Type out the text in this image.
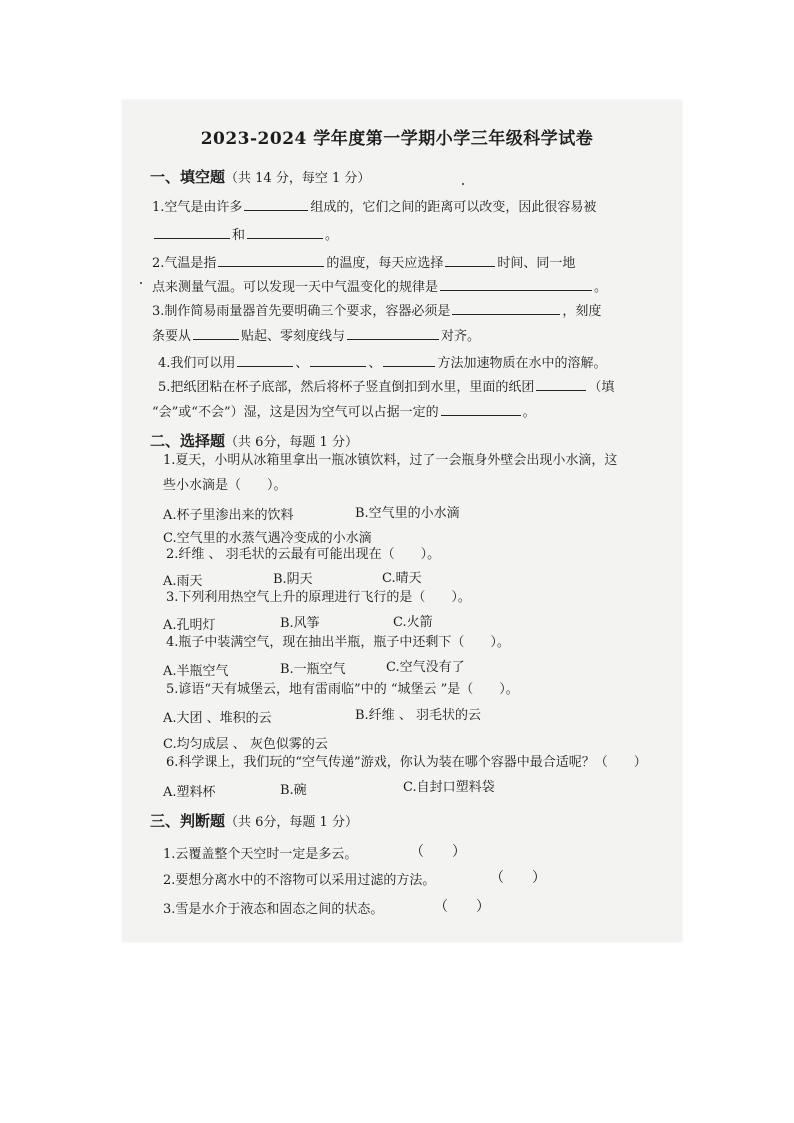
2023-2024 学年度第一学期小学三年级科学试卷
一、填空题（共 14 分，每空 1 分）
1.空气是由许多	组成的，它们之间的距离可以改变，因此很容易被
和	。
2.气温是指	的温度，每天应选择	时间、同一地
点来测量气温。可以发现一天中气温变化的规律是	。
3.制作简易雨量器首先要明确三个要求，容器必须是	，刻度
条要从	贴起、零刻度线与	对齐。
4.我们可以用	、	、	方法加速物质在水中的溶解。
5.把纸团粘在杯子底部，然后将杯子竖直倒扣到水里，里面的纸团	（填
“会”或“不会”）湿，这是因为空气可以占据一定的	。
二、选择题（共 6分，每题 1 分）
1.夏天，小明从冰箱里拿出一瓶冰镇饮料，过了一会瓶身外壁会出现小水滴，这
些小水滴是（　　）。
A.杯子里渗出来的饮料	B.空气里的小水滴
C.空气里的水蒸气遇冷变成的小水滴
2.纤维 、 羽毛状的云最有可能出现在（　　）。
A.雨天	B.阴天	C.晴天
3.下列利用热空气上升的原理进行飞行的是（　　）。
A.孔明灯	B.风筝	C.火箭
4.瓶子中装满空气，现在抽出半瓶，瓶子中还剩下（　　）。
A.半瓶空气	B.一瓶空气	C.空气没有了
5.谚语“天有城堡云，地有雷雨临”中的 “城堡云 ”是（　　）。
A.大团 、堆积的云	B.纤维 、 羽毛状的云
C.均匀成层 、 灰色似雾的云
6.科学课上，我们玩的“空气传递”游戏，你认为装在哪个容器中最合适呢？（　　）
A.塑料杯	B.碗	C.自封口塑料袋
三、判断题（共 6分，每题 1 分）
1.云覆盖整个天空时一定是多云。	（　　）
2.要想分离水中的不溶物可以采用过滤的方法。	（　　）
3.雪是水介于液态和固态之间的状态。	（　　）
